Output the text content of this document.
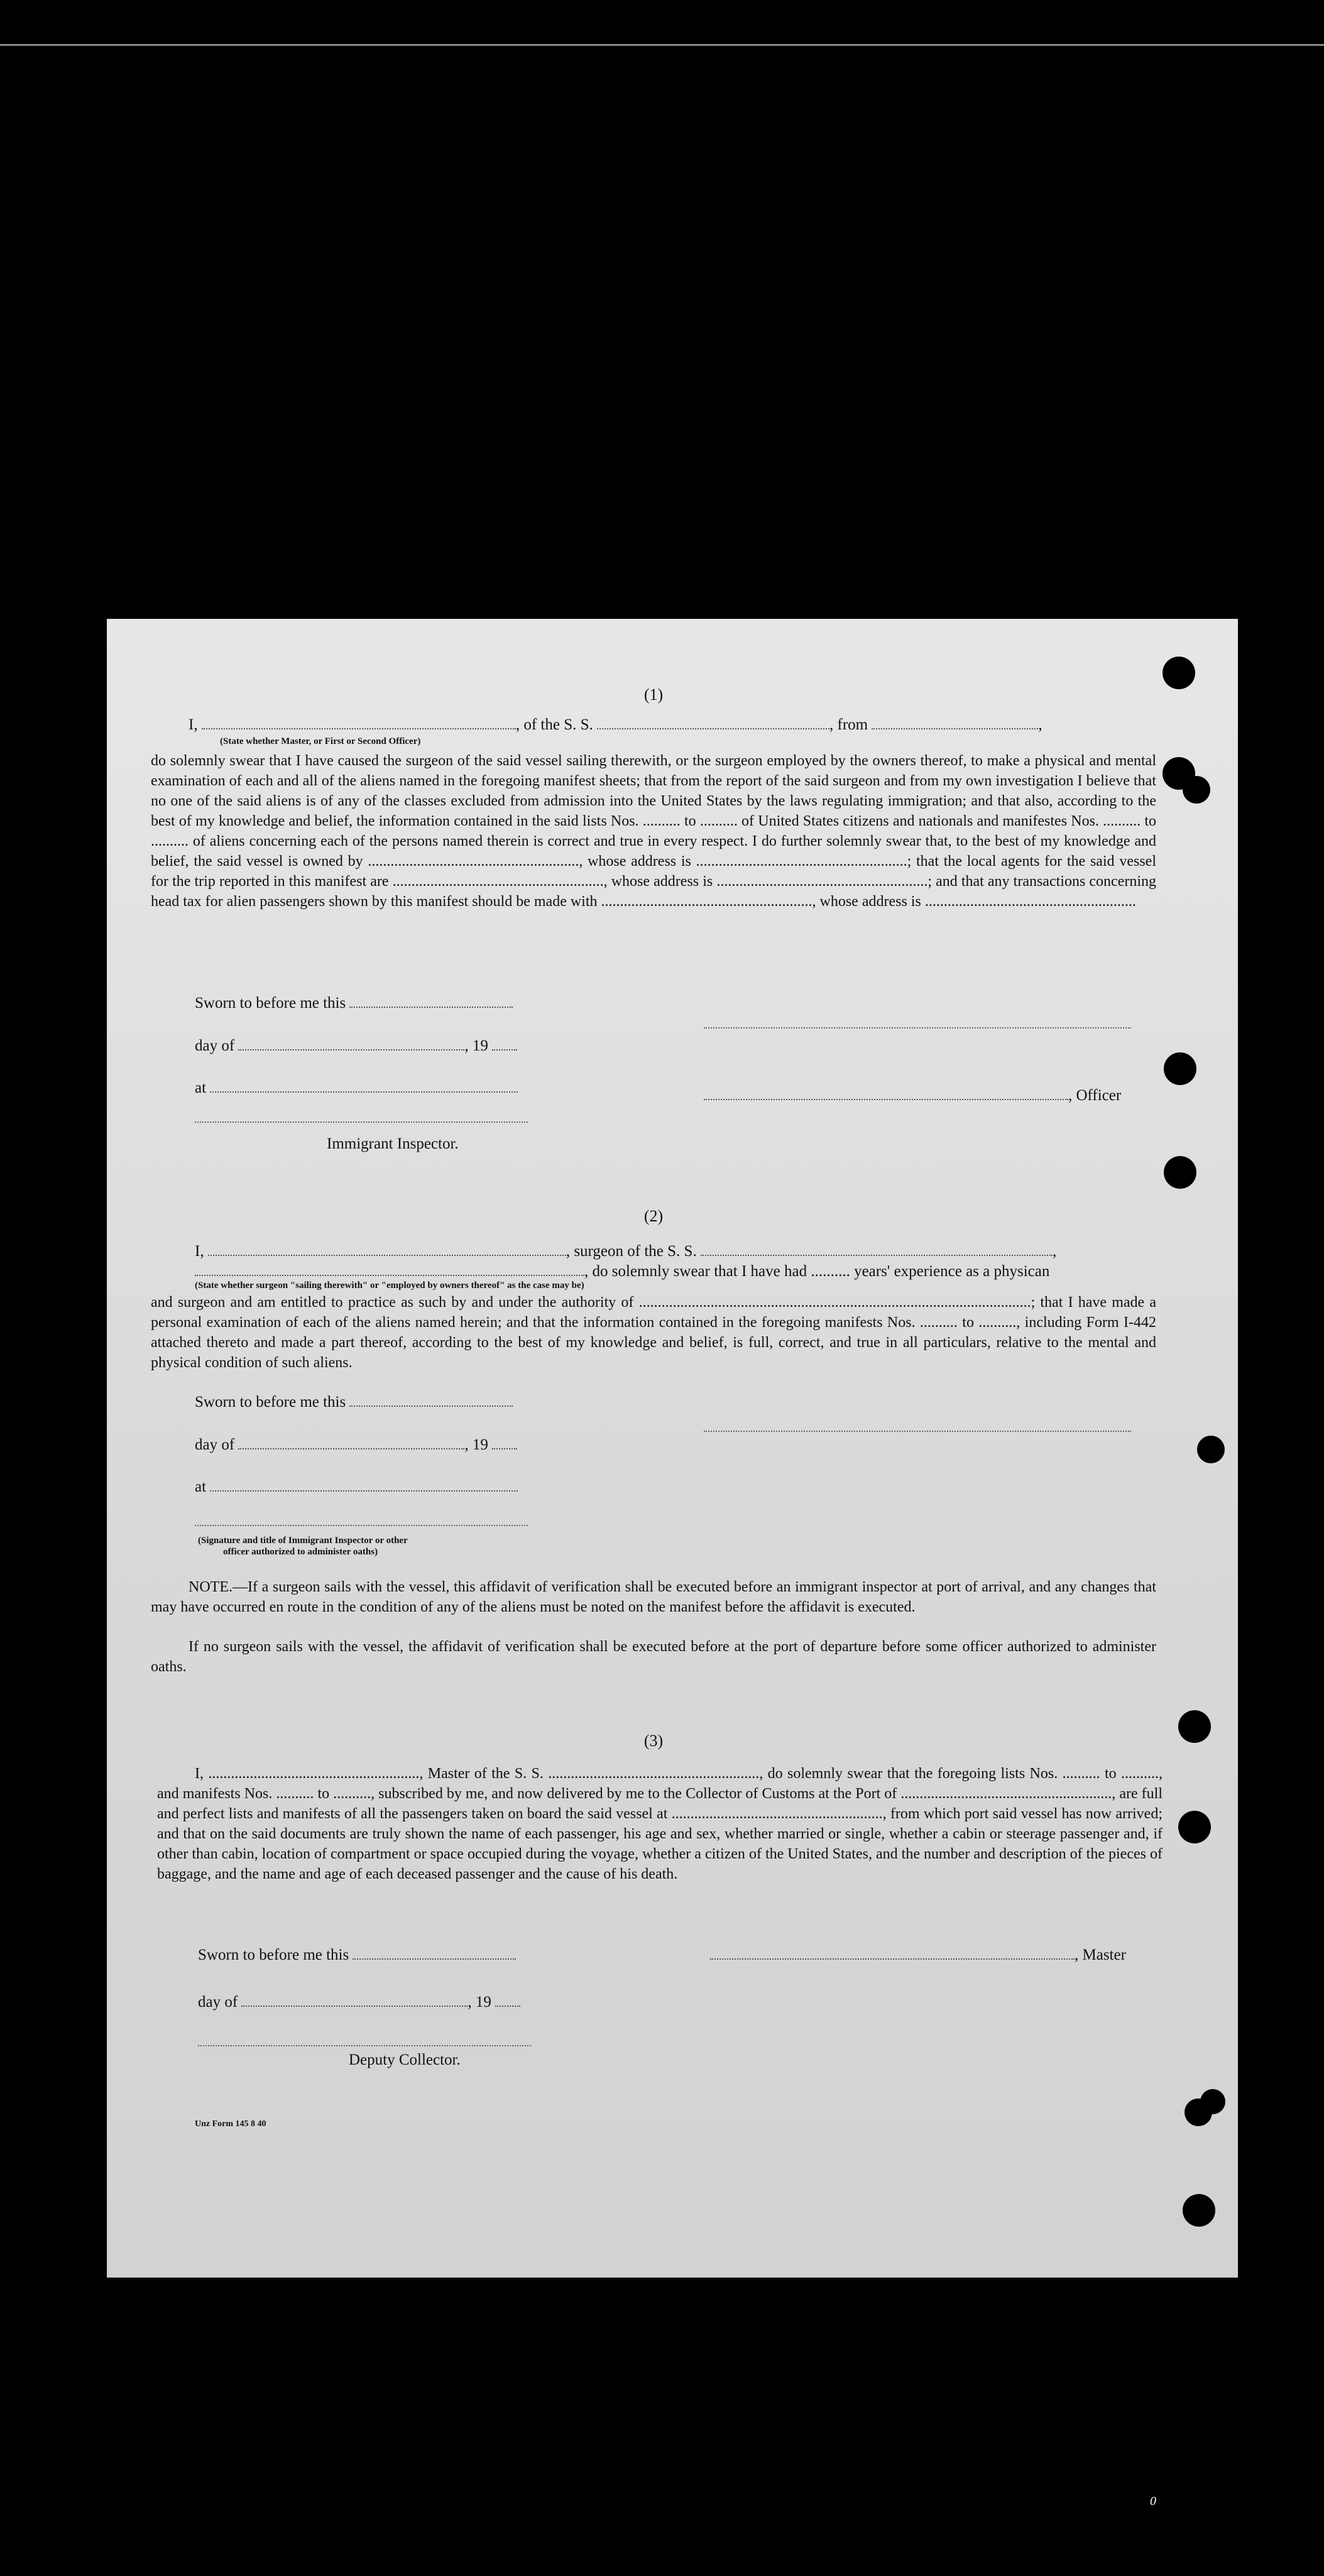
(1)
I,	, of the S. S.	, from	,
(State whether Master, or First or Second Officer)
do solemnly swear that I have caused the surgeon of the said vessel sailing therewith, or the surgeon employed by the owners thereof, to make a physical and mental examination of each and all of the aliens named in the foregoing manifest sheets; that from the report of the said surgeon and from my own investigation I believe that no one of the said aliens is of any of the classes excluded from admission into the United States by the laws regulating immigration; and that also, according to the best of my knowledge and belief, the information contained in the said lists Nos. .......... to .......... of United States citizens and nationals and manifestes Nos. .......... to .......... of aliens concerning each of the persons named therein is correct and true in every respect. I do further solemnly swear that, to the best of my knowledge and belief, the said vessel is owned by ........................................................, whose address is ........................................................; that the local agents for the said vessel for the trip reported in this manifest are ........................................................, whose address is ........................................................; and that any transactions concerning head tax for alien passengers shown by this manifest should be made with ........................................................, whose address is ........................................................
Sworn to before me this
day of	, 19
at	, Officer
Immigrant Inspector.
(2)
I,	, surgeon of the S. S.	,
, do solemnly swear that I have had .......... years' experience as a physican
(State whether surgeon "sailing therewith" or "employed by owners thereof" as the case may be)
and surgeon and am entitled to practice as such by and under the authority of ........................................................................................................; that I have made a personal examination of each of the aliens named herein; and that the information contained in the foregoing manifests Nos. .......... to .........., including Form I-442 attached thereto and made a part thereof, according to the best of my knowledge and belief, is full, correct, and true in all particulars, relative to the mental and physical condition of such aliens.
Sworn to before me this
day of	, 19
at
(Signature and title of Immigrant Inspector or other
officer authorized to administer oaths)
NOTE.—If a surgeon sails with the vessel, this affidavit of verification shall be executed before an immigrant inspector at port of arrival, and any changes that may have occurred en route in the condition of any of the aliens must be noted on the manifest before the affidavit is executed.
If no surgeon sails with the vessel, the affidavit of verification shall be executed before at the port of departure before some officer authorized to administer oaths.
(3)
I, ........................................................, Master of the S. S. ........................................................, do solemnly swear that the foregoing lists Nos. .......... to .........., and manifests Nos. .......... to .........., subscribed by me, and now delivered by me to the Collector of Customs at the Port of ........................................................, are full and perfect lists and manifests of all the passengers taken on board the said vessel at ........................................................, from which port said vessel has now arrived; and that on the said documents are truly shown the name of each passenger, his age and sex, whether married or single, whether a cabin or steerage passenger and, if other than cabin, location of compartment or space occupied during the voyage, whether a citizen of the United States, and the number and description of the pieces of baggage, and the name and age of each deceased passenger and the cause of his death.
Sworn to before me this	, Master
day of	, 19
Deputy Collector.
Unz Form 145 8 40
0
